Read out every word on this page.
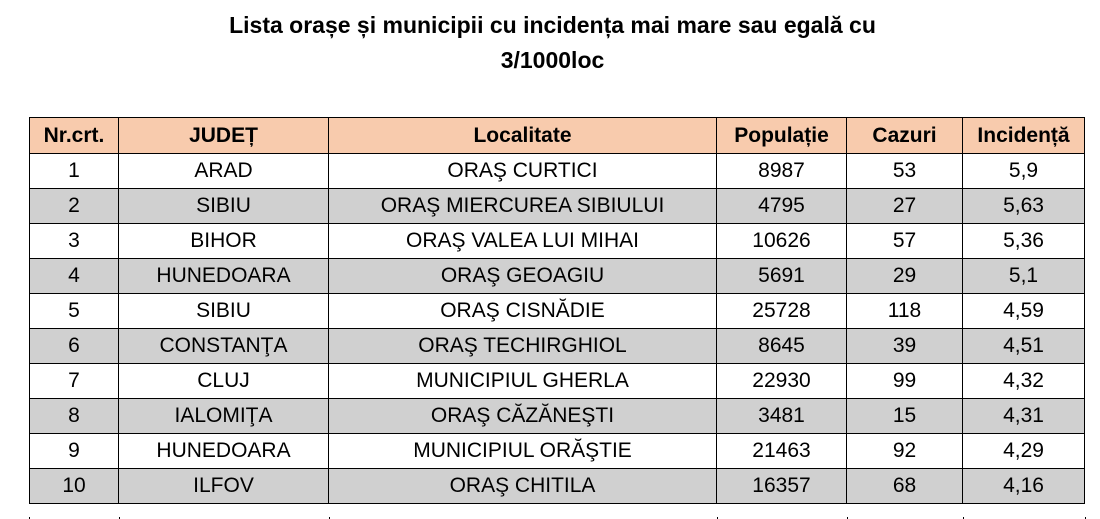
Lista orașe și municipii cu incidența mai mare sau egală cu
3/1000loc
Nr.crt.	JUDEȚ	Localitate	Populație	Cazuri	Incidență
1	ARAD	ORAŞ CURTICI	8987	53	5,9
2	SIBIU	ORAŞ MIERCUREA SIBIULUI	4795	27	5,63
3	BIHOR	ORAŞ VALEA LUI MIHAI	10626	57	5,36
4	HUNEDOARA	ORAŞ GEOAGIU	5691	29	5,1
5	SIBIU	ORAŞ CISNĂDIE	25728	118	4,59
6	CONSTANŢA	ORAŞ TECHIRGHIOL	8645	39	4,51
7	CLUJ	MUNICIPIUL GHERLA	22930	99	4,32
8	IALOMIŢA	ORAŞ CĂZĂNEŞTI	3481	15	4,31
9	HUNEDOARA	MUNICIPIUL ORĂŞTIE	21463	92	4,29
10	ILFOV	ORAŞ CHITILA	16357	68	4,16
